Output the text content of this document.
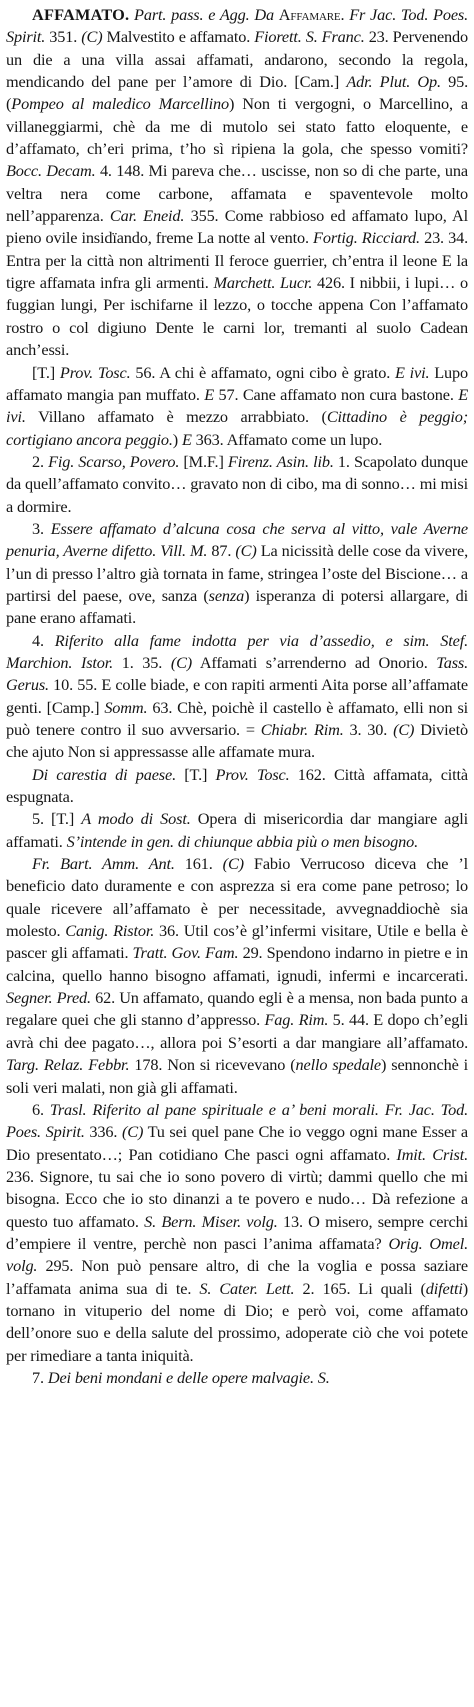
AFFAMATO. Part. pass. e Agg. Da Affamare. Fr Jac. Tod. Poes. Spirit. 351. (C) Malvestito e affamato. Fiorett. S. Franc. 23. Pervenendo un die a una villa assai affamati, andarono, secondo la regola, mendicando del pane per l’amore di Dio. [Cam.] Adr. Plut. Op. 95. (Pompeo al maledico Marcellino) Non ti vergogni, o Marcellino, a villaneggiarmi, chè da me di mutolo sei stato fatto eloquente, e d’affamato, ch’eri prima, t’ho sì ripiena la gola, che spesso vomiti? Bocc. Decam. 4. 148. Mi pareva che… uscisse, non so di che parte, una veltra nera come carbone, affamata e spaventevole molto nell’apparenza. Car. Eneid. 355. Come rabbioso ed affamato lupo, Al pieno ovile insidïando, freme La notte al vento. Fortig. Ricciard. 23. 34. Entra per la città non altrimenti Il feroce guerrier, ch’entra il leone E la tigre affamata infra gli armenti. Marchett. Lucr. 426. I nibbii, i lupi… o fuggian lungi, Per ischifarne il lezzo, o tocche appena Con l’affamato rostro o col digiuno Dente le carni lor, tremanti al suolo Cadean anch’essi.

[T.] Prov. Tosc. 56. A chi è affamato, ogni cibo è grato. E ivi. Lupo affamato mangia pan muffato. E 57. Cane affamato non cura bastone. E ivi. Villano affamato è mezzo arrabbiato. (Cittadino è peggio; cortigiano ancora peggio.) E 363. Affamato come un lupo.

2. Fig. Scarso, Povero. [M.F.] Firenz. Asin. lib. 1. Scapolato dunque da quell’affamato convito… gravato non di cibo, ma di sonno… mi misi a dormire.

3. Essere affamato d’alcuna cosa che serva al vitto, vale Averne penuria, Averne difetto. Vill. M. 87. (C) La nicissità delle cose da vivere, l’un di presso l’altro già tornata in fame, stringea l’oste del Biscione… a partirsi del paese, ove, sanza (senza) isperanza di potersi allargare, di pane erano affamati.

4. Riferito alla fame indotta per via d’assedio, e sim. Stef. Marchion. Istor. 1. 35. (C) Affamati s’arrenderno ad Onorio. Tass. Gerus. 10. 55. E colle biade, e con rapiti armenti Aita porse all’affamate genti. [Camp.] Somm. 63. Chè, poichè il castello è affamato, elli non si può tenere contro il suo avversario. = Chiabr. Rim. 3. 30. (C) Divietò che ajuto Non si appressasse alle affamate mura.

Di carestia di paese. [T.] Prov. Tosc. 162. Città affamata, città espugnata.

5. [T.] A modo di Sost. Opera di misericordia dar mangiare agli affamati. S’intende in gen. di chiunque abbia più o men bisogno.

Fr. Bart. Amm. Ant. 161. (C) Fabio Verrucoso diceva che ’l beneficio dato duramente e con asprezza si era come pane petroso; lo quale ricevere all’affamato è per necessitade, avvegnaddiochè sia molesto. Canig. Ristor. 36. Util cos’è gl’infermi visitare, Utile e bella è pascer gli affamati. Tratt. Gov. Fam. 29. Spendono indarno in pietre e in calcina, quello hanno bisogno affamati, ignudi, infermi e incarcerati. Segner. Pred. 62. Un affamato, quando egli è a mensa, non bada punto a regalare quei che gli stanno d’appresso. Fag. Rim. 5. 44. E dopo ch’egli avrà chi dee pagato…, allora poi S’esorti a dar mangiare all’affamato. Targ. Relaz. Febbr. 178. Non si ricevevano (nello spedale) sennonchè i soli veri malati, non già gli affamati.

6. Trasl. Riferito al pane spirituale e a’ beni morali. Fr. Jac. Tod. Poes. Spirit. 336. (C) Tu sei quel pane Che io veggo ogni mane Esser a Dio presentato…; Pan cotidiano Che pasci ogni affamato. Imit. Crist. 236. Signore, tu sai che io sono povero di virtù; dammi quello che mi bisogna. Ecco che io sto dinanzi a te povero e nudo… Dà refezione a questo tuo affamato. S. Bern. Miser. volg. 13. O misero, sempre cerchi d’empiere il ventre, perchè non pasci l’anima affamata? Orig. Omel. volg. 295. Non può pensare altro, di che la voglia e possa saziare l’affamata anima sua di te. S. Cater. Lett. 2. 165. Li quali (difetti) tornano in vituperio del nome di Dio; e però voi, come affamato dell’onore suo e della salute del prossimo, adoperate ciò che voi potete per rimediare a tanta iniquità.

7. Dei beni mondani e delle opere malvagie. S.
